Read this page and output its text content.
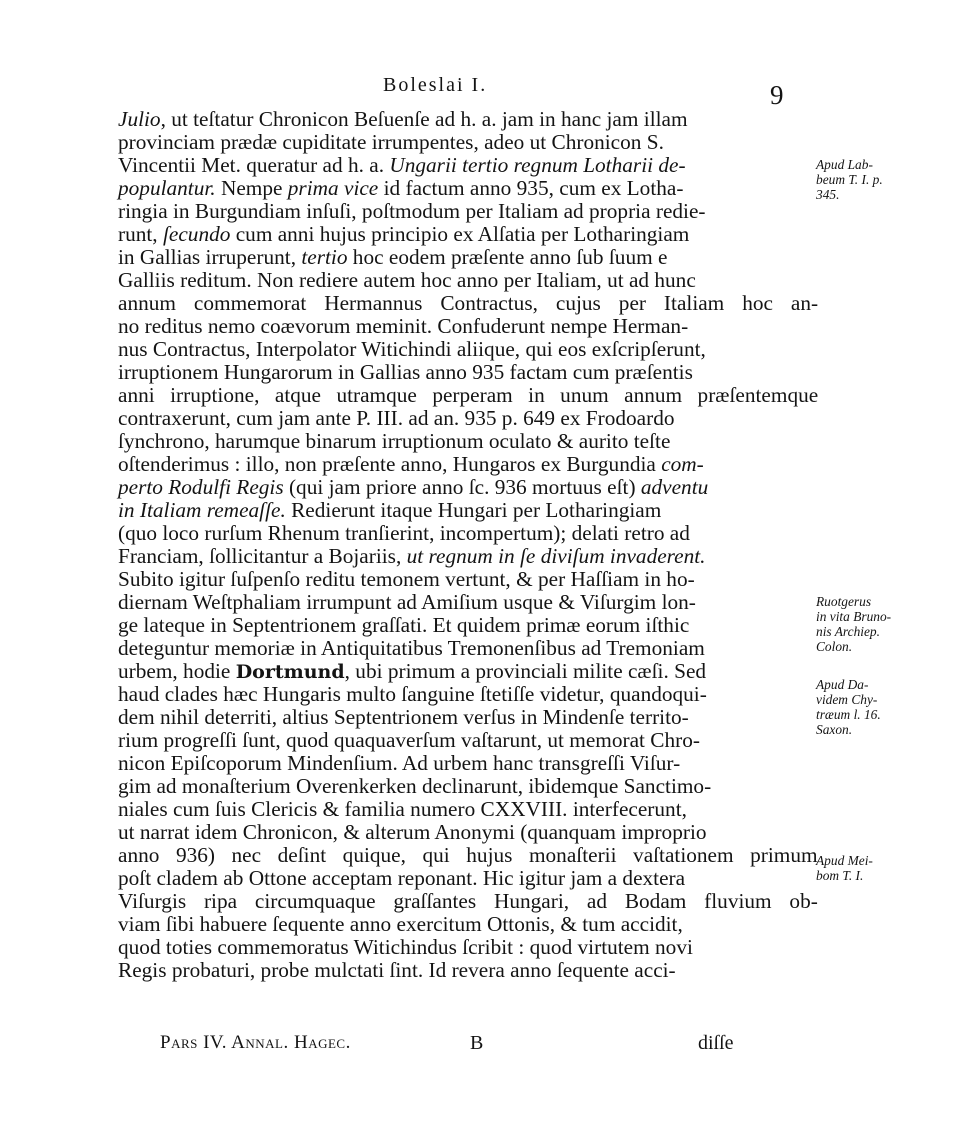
Boleslai I.	9
Julio, ut teſtatur Chronicon Beſuenſe ad h. a. jam in hanc jam illam
provinciam prædæ cupiditate irrumpentes, adeo ut Chronicon S.
Vincentii Met. queratur ad h. a. Ungarii tertio regnum Lotharii de-
populantur. Nempe prima vice id factum anno 935, cum ex Lotha-
ringia in Burgundiam inſuſi, poſtmodum per Italiam ad propria redie-
runt, ſecundo cum anni hujus principio ex Alſatia per Lotharingiam
in Gallias irruperunt, tertio hoc eodem præſente anno ſub ſuum e
Galliis reditum. Non rediere autem hoc anno per Italiam, ut ad hunc
annum commemorat Hermannus Contractus, cujus per Italiam hoc an-
no reditus nemo coævorum meminit. Confuderunt nempe Herman-
nus Contractus, Interpolator Witichindi aliique, qui eos exſcripſerunt,
irruptionem Hungarorum in Gallias anno 935 factam cum præſentis
anni irruptione, atque utramque perperam in unum annum præſentemque
contraxerunt, cum jam ante P. III. ad an. 935 p. 649 ex Frodoardo
ſynchrono, harumque binarum irruptionum oculato & aurito teſte
oſtenderimus : illo, non præſente anno, Hungaros ex Burgundia com-
perto Rodulfi Regis (qui jam priore anno ſc. 936 mortuus eſt) adventu
in Italiam remeaſſe. Redierunt itaque Hungari per Lotharingiam
(quo loco rurſum Rhenum tranſierint, incompertum); delati retro ad
Franciam, ſollicitantur a Bojariis, ut regnum in ſe diviſum invaderent.
Subito igitur ſuſpenſo reditu temonem vertunt, & per Haſſiam in ho-
diernam Weſtphaliam irrumpunt ad Amiſium usque & Viſurgim lon-
ge lateque in Septentrionem graſſati. Et quidem primæ eorum iſthic
deteguntur memoriæ in Antiquitatibus Tremonenſibus ad Tremoniam
urbem, hodie Dortmund, ubi primum a provinciali milite cæſi. Sed
haud clades hæc Hungaris multo ſanguine ſtetiſſe videtur, quandoqui-
dem nihil deterriti, altius Septentrionem verſus in Mindenſe territo-
rium progreſſi ſunt, quod quaquaverſum vaſtarunt, ut memorat Chro-
nicon Epiſcoporum Mindenſium. Ad urbem hanc transgreſſi Viſur-
gim ad monaſterium Overenkerken declinarunt, ibidemque Sanctimo-
niales cum ſuis Clericis & familia numero CXXVIII. interfecerunt,
ut narrat idem Chronicon, & alterum Anonymi (quanquam improprio
anno 936) nec deſint quique, qui hujus monaſterii vaſtationem primum
poſt cladem ab Ottone acceptam reponant. Hic igitur jam a dextera
Viſurgis ripa circumquaque graſſantes Hungari, ad Bodam fluvium ob-
viam ſibi habuere ſequente anno exercitum Ottonis, & tum accidit,
quod toties commemoratus Witichindus ſcribit : quod virtutem novi
Regis probaturi, probe mulctati ſint. Id revera anno ſequente acci-
Apud Lab-
beum T. I. p.
345.
Ruotgerus
in vita Bruno-
nis Archiep.
Colon.
Apud Da-
videm Chy-
træum l. 16.
Saxon.
Apud Mei-
bom T. I.
Pars IV. Annal. Hagec.	B	diſſe
